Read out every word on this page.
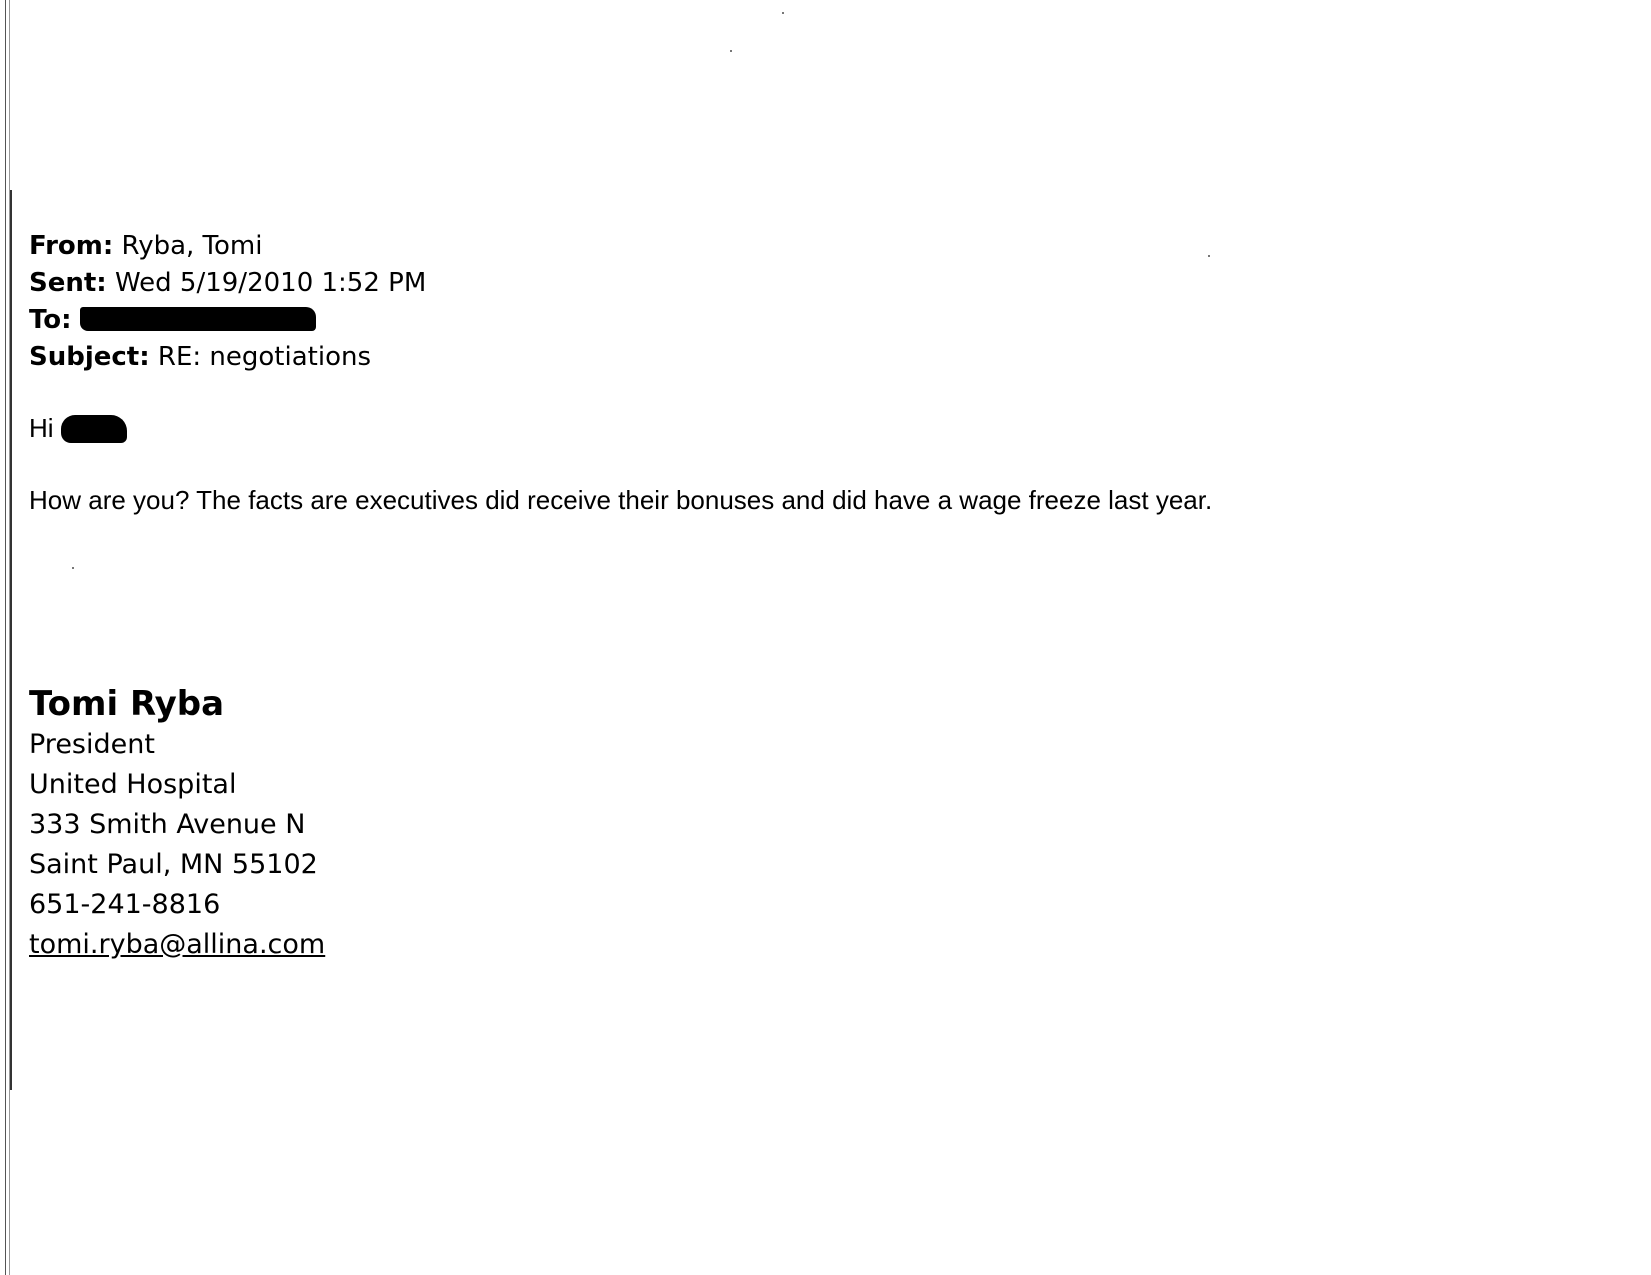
From: Ryba, Tomi
Sent: Wed 5/19/2010 1:52 PM
To:
Subject: RE: negotiations
Hi
How are you? The facts are executives did receive their bonuses and did have a wage freeze last year.
Tomi Ryba
President
United Hospital
333 Smith Avenue N
Saint Paul, MN 55102
651-241-8816
tomi.ryba@allina.com
